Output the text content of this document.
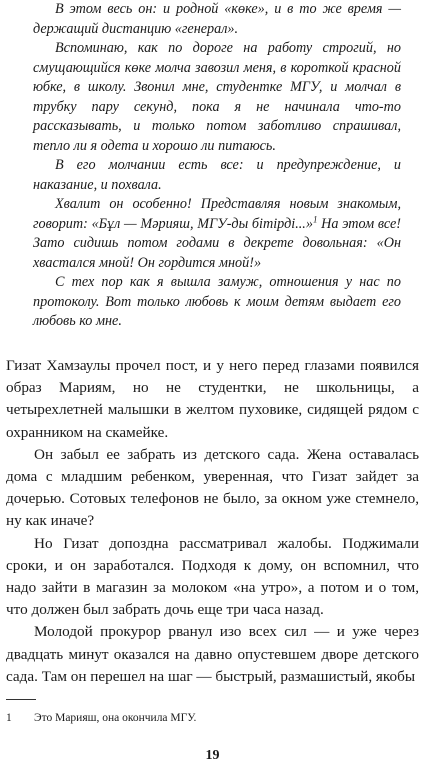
В этом весь он: и родной «көке», и в то же время — держащий дистанцию «генерал».

Вспоминаю, как по дороге на работу строгий, но смущающийся көке молча завозил меня, в короткой красной юбке, в школу. Звонил мне, студентке МГУ, и молчал в трубку пару секунд, пока я не начинала что-то рассказывать, и только потом заботливо спрашивал, тепло ли я одета и хорошо ли питаюсь.

В его молчании есть все: и предупреждение, и наказание, и похвала.

Хвалит он особенно! Представляя новым знакомым, говорит: «Бұл — Мәрияш, МГУ-ды бітірді...»$^1$ На этом все! Зато сидишь потом годами в декрете довольная: «Он хвастался мной! Он гордится мной!»

С тех пор как я вышла замуж, отношения у нас по протоколу. Вот только любовь к моим детям выдает его любовь ко мне.

Гизат Хамзаулы прочел пост, и у него перед глазами появился образ Мариям, но не студентки, не школьницы, а четырехлетней малышки в желтом пуховике, сидящей рядом с охранником на скамейке.

Он забыл ее забрать из детского сада. Жена оставалась дома с младшим ребенком, уверенная, что Гизат зайдет за дочерью. Сотовых телефонов не было, за окном уже стемнело, ну как иначе?

Но Гизат допоздна рассматривал жалобы. Поджимали сроки, и он заработался. Подходя к дому, он вспомнил, что надо зайти в магазин за молоком «на утро», а потом и о том, что должен был забрать дочь еще три часа назад.

Молодой прокурор рванул изо всех сил — и уже через двадцать минут оказался на давно опустевшем дворе детского сада. Там он перешел на шаг — быстрый, размашистый, якобы

1 Это Марияш, она окончила МГУ.
19
